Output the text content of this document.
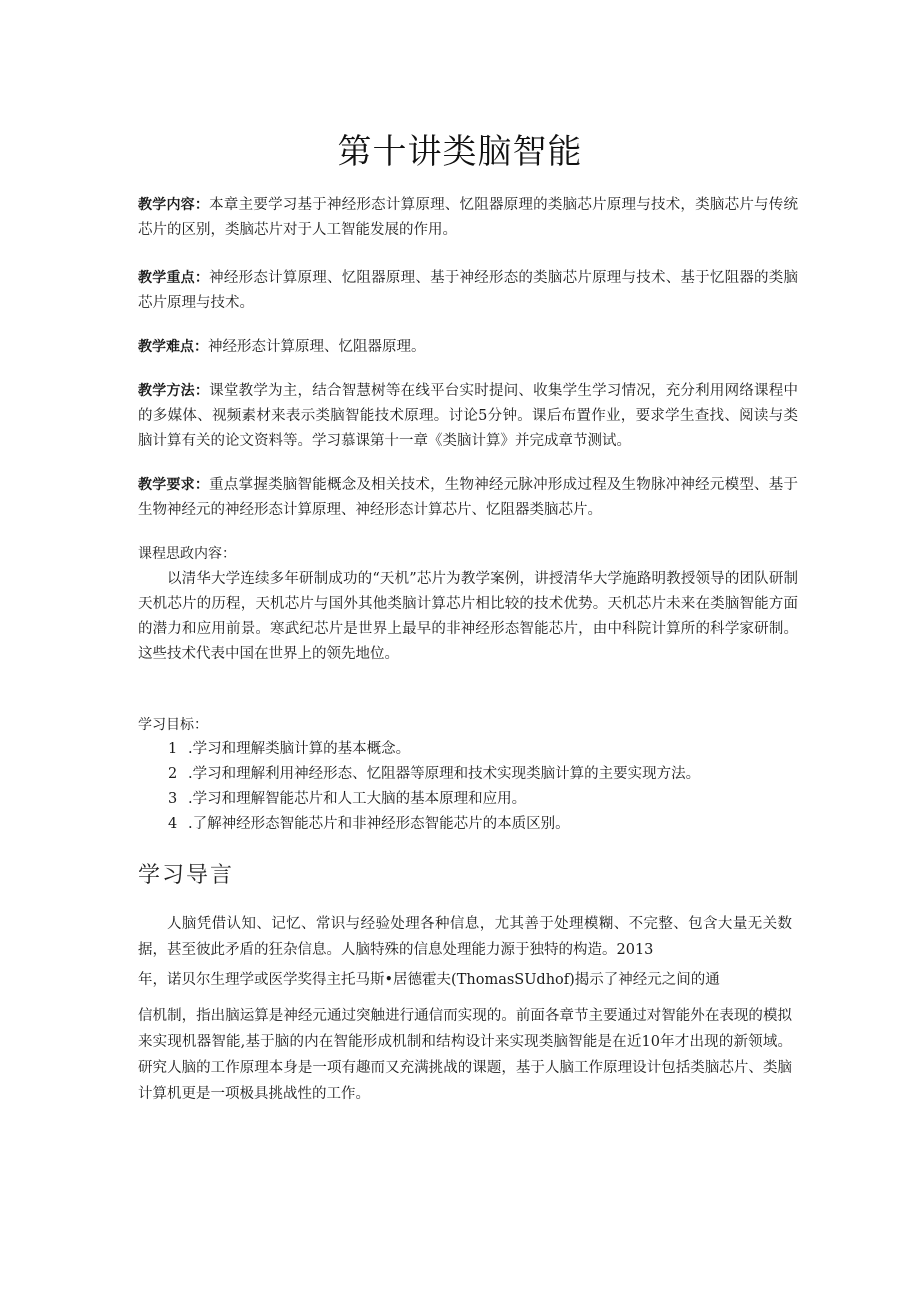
第十讲类脑智能
教学内容：本章主要学习基于神经形态计算原理、忆阻器原理的类脑芯片原理与技术，类脑芯片与传统芯片的区别，类脑芯片对于人工智能发展的作用。
教学重点：神经形态计算原理、忆阻器原理、基于神经形态的类脑芯片原理与技术、基于忆阻器的类脑芯片原理与技术。
教学难点：神经形态计算原理、忆阻器原理。
教学方法：课堂教学为主，结合智慧树等在线平台实时提问、收集学生学习情况，充分利用网络课程中的多媒体、视频素材来表示类脑智能技术原理。讨论5分钟。课后布置作业，要求学生查找、阅读与类脑计算有关的论文资料等。学习慕课第十一章《类脑计算》并完成章节测试。
教学要求：重点掌握类脑智能概念及相关技术，生物神经元脉冲形成过程及生物脉冲神经元模型、基于生物神经元的神经形态计算原理、神经形态计算芯片、忆阻器类脑芯片。
课程思政内容：

以清华大学连续多年研制成功的“天机”芯片为教学案例，讲授清华大学施路明教授领导的团队研制天机芯片的历程，天机芯片与国外其他类脑计算芯片相比较的技术优势。天机芯片未来在类脑智能方面的潜力和应用前景。寒武纪芯片是世界上最早的非神经形态智能芯片，由中科院计算所的科学家研制。这些技术代表中国在世界上的领先地位。

学习目标：
1 .学习和理解类脑计算的基本概念。
2 .学习和理解利用神经形态、忆阻器等原理和技术实现类脑计算的主要实现方法。
3 .学习和理解智能芯片和人工大脑的基本原理和应用。
4 .了解神经形态智能芯片和非神经形态智能芯片的本质区别。
学习导言

人脑凭借认知、记忆、常识与经验处理各种信息，尤其善于处理模糊、不完整、包含大量无关数据，甚至彼此矛盾的狂杂信息。人脑特殊的信息处理能力源于独特的构造。2013

年，诺贝尔生理学或医学奖得主托马斯•居德霍夫(ThomasSUdhof)揭示了神经元之间的通

信机制，指出脑运算是神经元通过突触进行通信而实现的。前面各章节主要通过对智能外在表现的模拟来实现机器智能,基于脑的内在智能形成机制和结构设计来实现类脑智能是在近10年才出现的新领域。研究人脑的工作原理本身是一项有趣而又充满挑战的课题，基于人脑工作原理设计包括类脑芯片、类脑计算机更是一项极具挑战性的工作。
